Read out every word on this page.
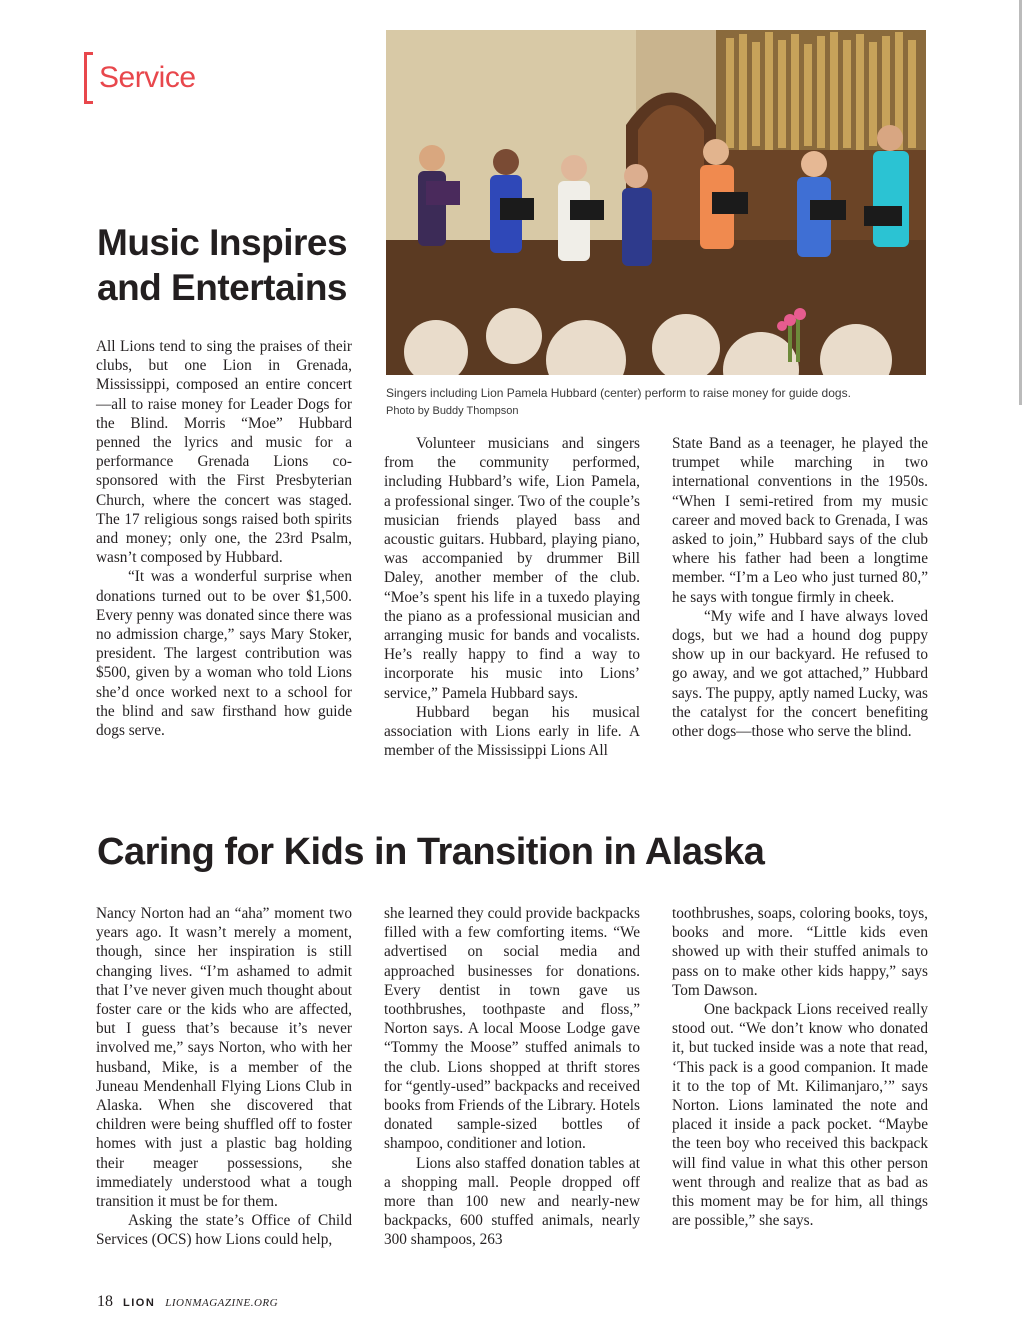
Service
Music Inspires and Entertains
Singers including Lion Pamela Hubbard (center) perform to raise money for guide dogs.
Photo by Buddy Thompson

All Lions tend to sing the praises of their clubs, but one Lion in Grenada, Mississippi, composed an entire concert—all to raise money for Leader Dogs for the Blind. Morris “Moe” Hubbard penned the lyrics and music for a performance Grenada Lions co-sponsored with the First Presbyterian Church, where the concert was staged. The 17 religious songs raised both spirits and money; only one, the 23rd Psalm, wasn’t composed by Hubbard.

“It was a wonderful surprise when donations turned out to be over $1,500. Every penny was donated since there was no admission charge,” says Mary Stoker, president. The largest contribution was $500, given by a woman who told Lions she’d once worked next to a school for the blind and saw firsthand how guide dogs serve.

Volunteer musicians and singers from the community performed, including Hubbard’s wife, Lion Pamela, a professional singer. Two of the couple’s musician friends played bass and acoustic guitars. Hubbard, playing piano, was accompanied by drummer Bill Daley, another member of the club. “Moe’s spent his life in a tuxedo playing the piano as a professional musician and arranging music for bands and vocalists. He’s really happy to find a way to incorporate his music into Lions’ service,” Pamela Hubbard says.

Hubbard began his musical association with Lions early in life. A member of the Mississippi Lions All

State Band as a teenager, he played the trumpet while marching in two international conventions in the 1950s. “When I semi-retired from my music career and moved back to Grenada, I was asked to join,” Hubbard says of the club where his father had been a longtime member. “I’m a Leo who just turned 80,” he says with tongue firmly in cheek.

“My wife and I have always loved dogs, but we had a hound dog puppy show up in our backyard. He refused to go away, and we got attached,” Hubbard says. The puppy, aptly named Lucky, was the catalyst for the concert benefiting other dogs—those who serve the blind.

Caring for Kids in Transition in Alaska

Nancy Norton had an “aha” moment two years ago. It wasn’t merely a moment, though, since her inspiration is still changing lives. “I’m ashamed to admit that I’ve never given much thought about foster care or the kids who are affected, but I guess that’s because it’s never involved me,” says Norton, who with her husband, Mike, is a member of the Juneau Mendenhall Flying Lions Club in Alaska. When she discovered that children were being shuffled off to foster homes with just a plastic bag holding their meager possessions, she immediately understood what a tough transition it must be for them.

Asking the state’s Office of Child Services (OCS) how Lions could help,

she learned they could provide backpacks filled with a few comforting items. “We advertised on social media and approached businesses for donations. Every dentist in town gave us toothbrushes, toothpaste and floss,” Norton says. A local Moose Lodge gave “Tommy the Moose” stuffed animals to the club. Lions shopped at thrift stores for “gently-used” backpacks and received books from Friends of the Library. Hotels donated sample-sized bottles of shampoo, conditioner and lotion.

Lions also staffed donation tables at a shopping mall. People dropped off more than 100 new and nearly-new backpacks, 600 stuffed animals, nearly 300 shampoos, 263

toothbrushes, soaps, coloring books, toys, books and more. “Little kids even showed up with their stuffed animals to pass on to make other kids happy,” says Tom Dawson.

One backpack Lions received really stood out. “We don’t know who donated it, but tucked inside was a note that read, ‘This pack is a good companion. It made it to the top of Mt. Kilimanjaro,’” says Norton. Lions laminated the note and placed it inside a pack pocket. “Maybe the teen boy who received this backpack will find value in what this other person went through and realize that as bad as this moment may be for him, all things are possible,” she says.

18 LION LIONMAGAZINE.ORG
